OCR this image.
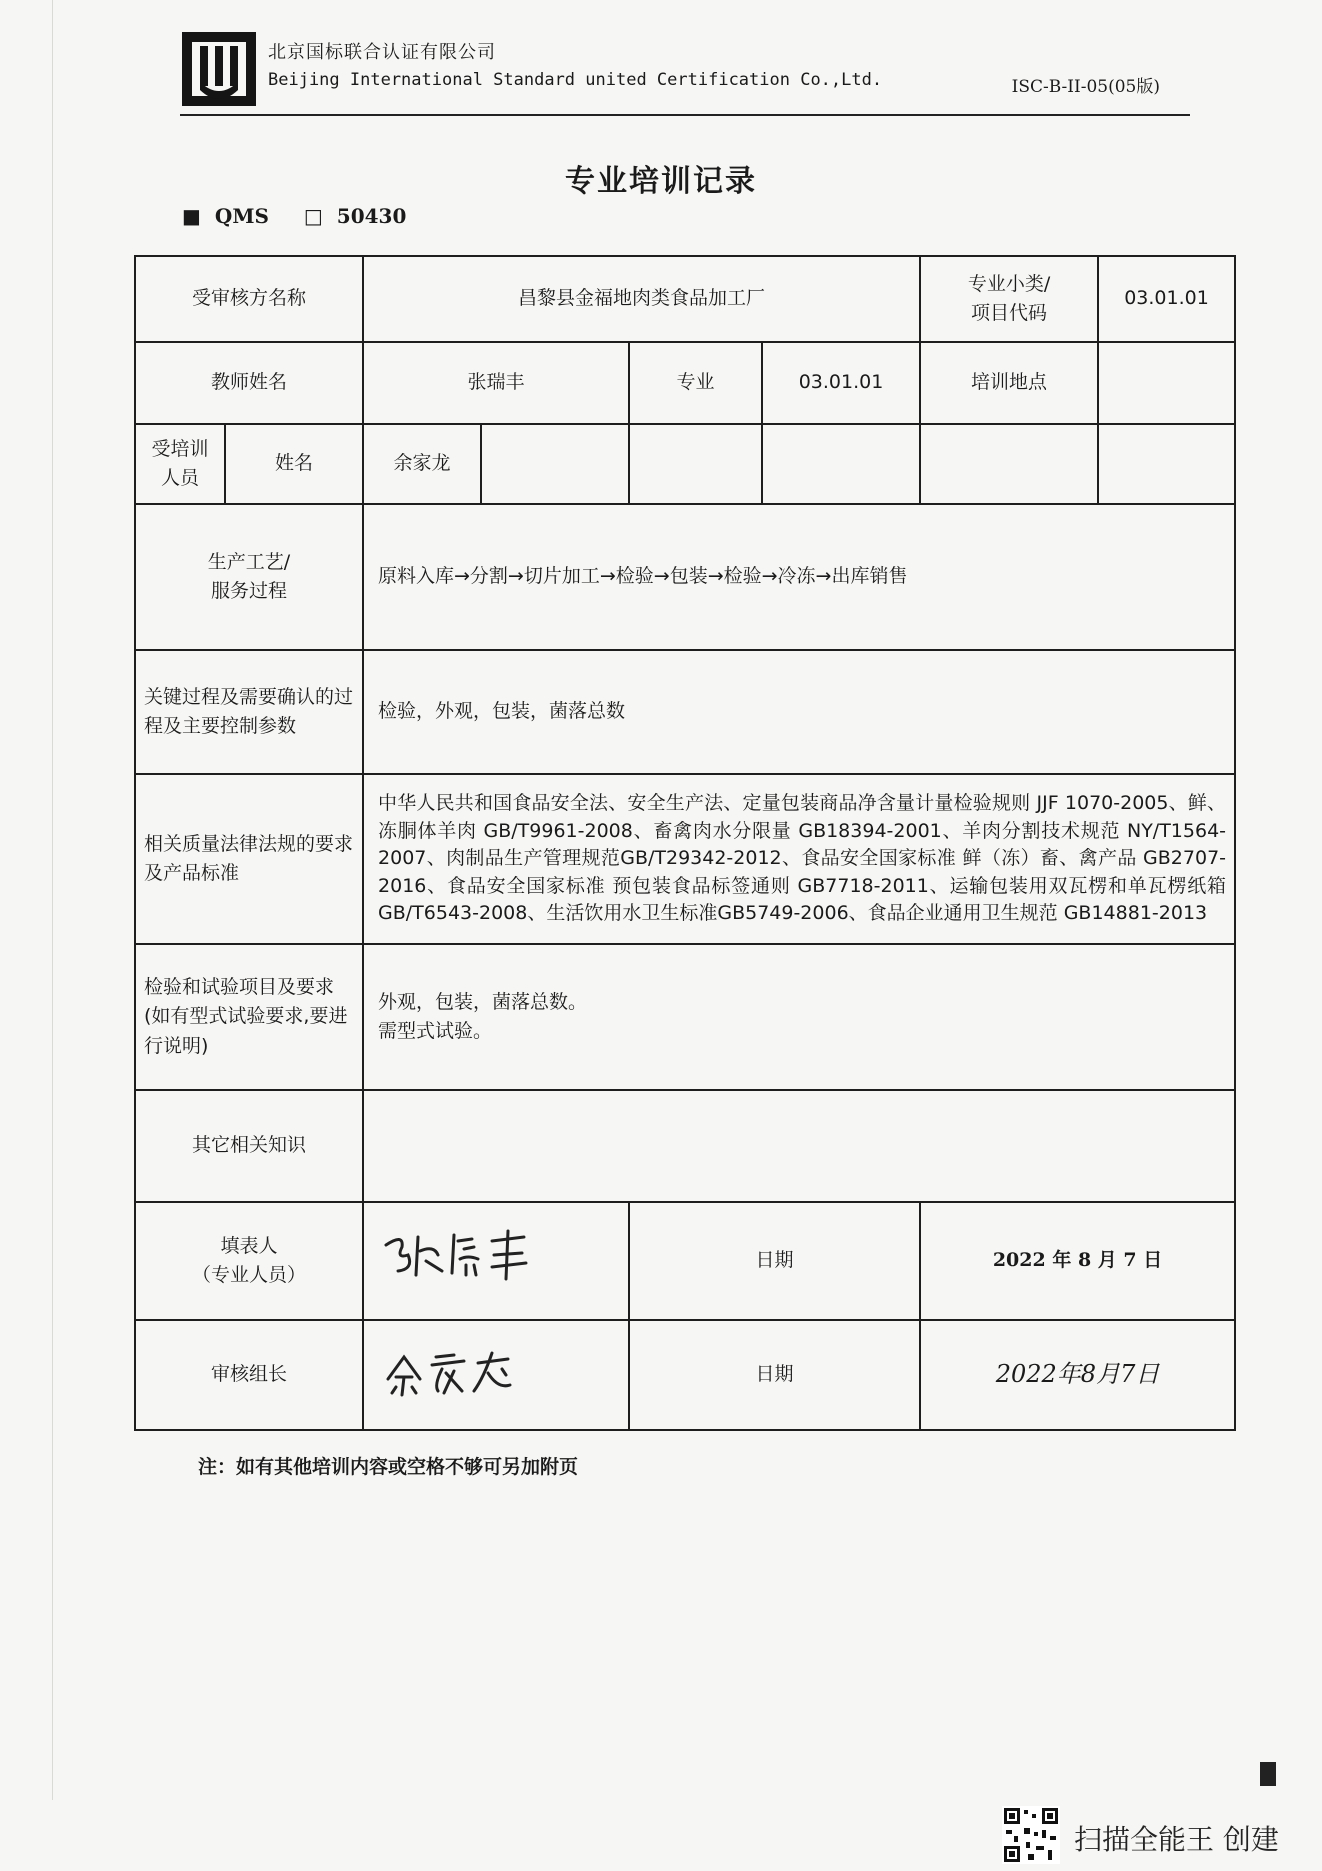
北京国标联合认证有限公司
Beijing International Standard united Certification Co.,Ltd.	ISC-B-II-05(05版)
专业培训记录
■ QMS □ 50430
受审核方名称		昌黎县金福地肉类食品加工厂				专业小类/
项目代码	03.01.01
教师姓名		张瑞丰		专业	03.01.01	培训地点	
受培训
人员	姓名	余家龙					
生产工艺/
服务过程		原料入库→分割→切片加工→检验→包装→检验→冷冻→出库销售					
关键过程及需要确认的过程及主要控制参数		检验，外观，包装，菌落总数					
相关质量法律法规的要求及产品标准		中华人民共和国食品安全法、安全生产法、定量包装商品净含量计量检验规则 JJF 1070-2005、鲜、冻胴体羊肉 GB/T9961-2008、畜禽肉水分限量 GB18394-2001、羊肉分割技术规范 NY/T1564-2007、肉制品生产管理规范GB/T29342-2012、食品安全国家标准 鲜（冻）畜、禽产品 GB2707-2016、食品安全国家标准 预包装食品标签通则 GB7718-2011、运输包装用双瓦楞和单瓦楞纸箱 GB/T6543-2008、生活饮用水卫生标准GB5749-2006、食品企业通用卫生规范 GB14881-2013					
检验和试验项目及要求(如有型式试验要求,要进行说明)		外观，包装，菌落总数。
需型式试验。					
其它相关知识							
填表人
（专业人员）				日期		2022 年 8 月 7 日	
审核组长				日期		2022年8月7日	
注：如有其他培训内容或空格不够可另加附页
扫描全能王 创建
